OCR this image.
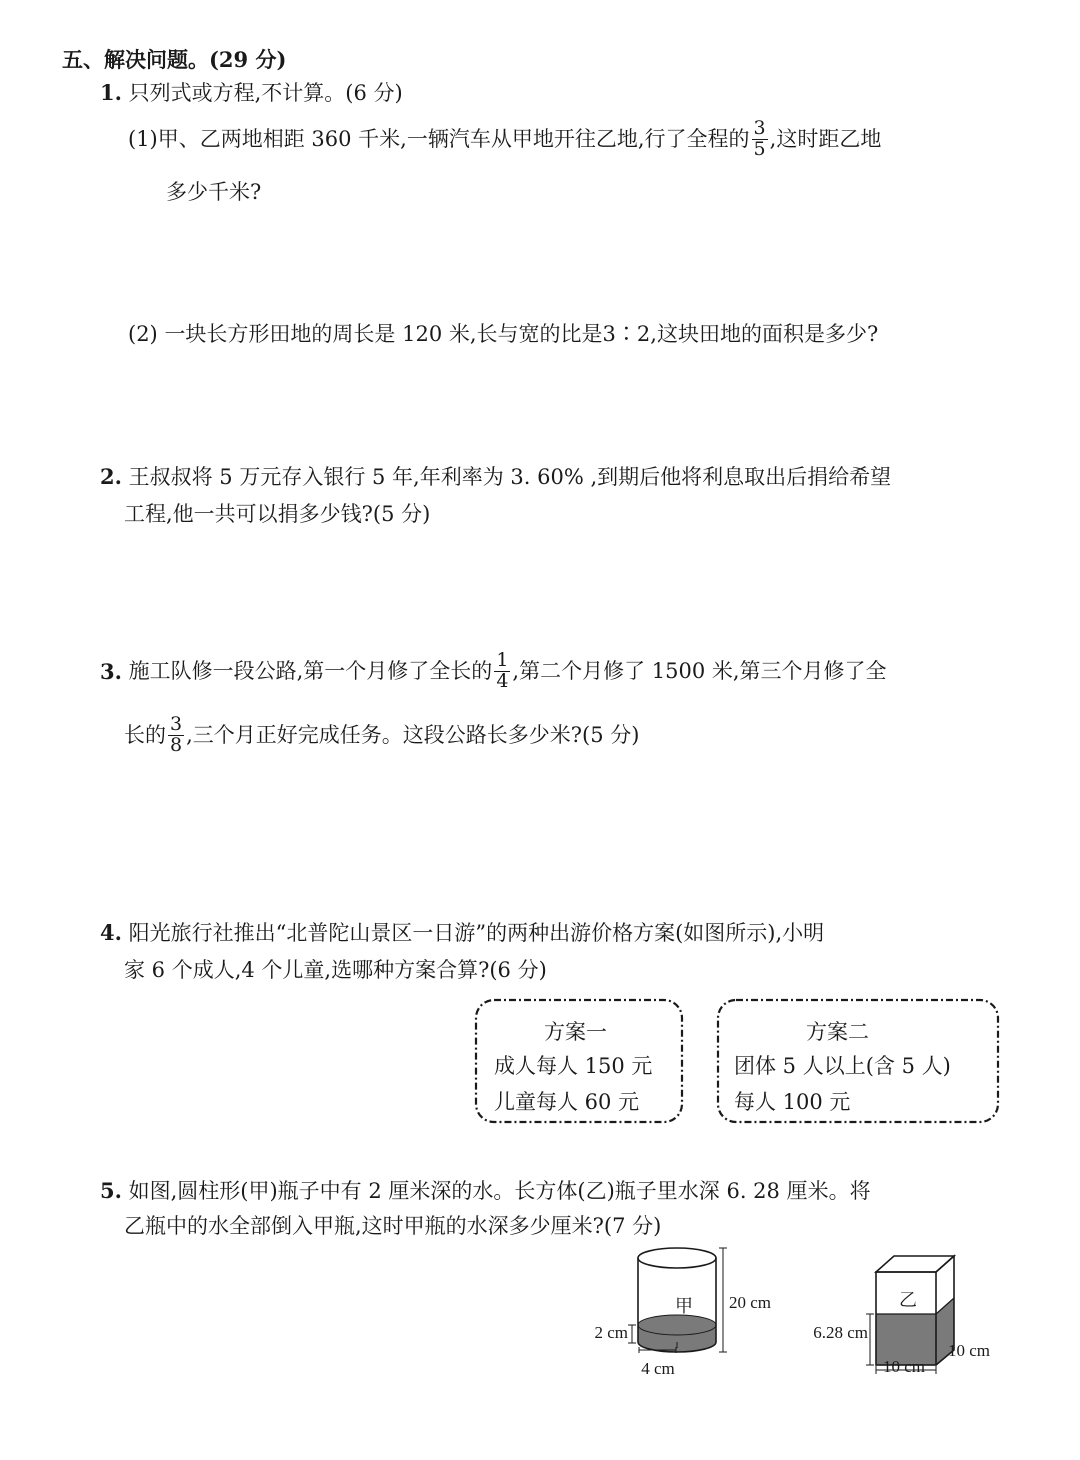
五、解决问题。(29 分)
1. 只列式或方程,不计算。(6 分)
(1) 甲、乙两地相距 360 千米,一辆汽车从甲地开往乙地,行了全程的 $\frac{3}{5}$ ,这时距乙地
多少千米?
(2) 一块长方形田地的周长是 120 米,长与宽的比是3∶2,这块田地的面积是多少?
2. 王叔叔将 5 万元存入银行 5 年,年利率为 3. 60% ,到期后他将利息取出后捐给希望
工程,他一共可以捐多少钱?(5 分)
3.
施工队修一段公路,第一个月修了全长的 $\frac{1}{4}$ ,第二个月修了 1500 米,第三个月修了全
长的 $\frac{3}{8}$ ,三个月正好完成任务。这段公路长多少米?(5 分)
4. 阳光旅行社推出“北普陀山景区一日游”的两种出游价格方案(如图所示),小明
家 6 个成人,4 个儿童,选哪种方案合算?(6 分)
方案一
成人每人 150 元
儿童每人 60 元
方案二
团体 5 人以上(含 5 人)
每人 100 元
5. 如图,圆柱形(甲)瓶子中有 2 厘米深的水。长方体(乙)瓶子里水深 6. 28 厘米。将
乙瓶中的水全部倒入甲瓶,这时甲瓶的水深多少厘米?(7 分)
甲 20 cm
2 cm
4 cm
乙
6.28 cm
10 cm
10 cm
